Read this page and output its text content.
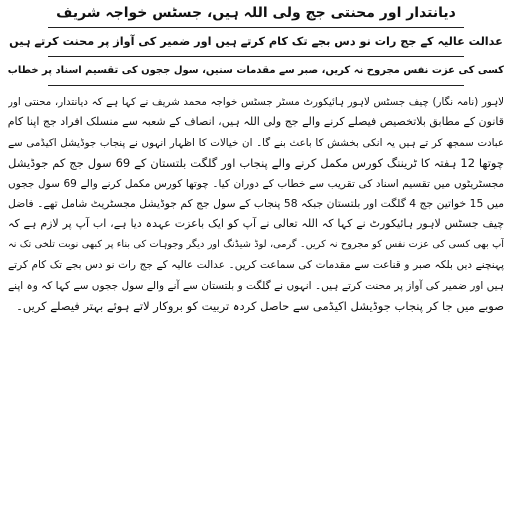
دیانتدار اور محنتی جج ولی اللہ ہیں، جسٹس خواجہ شریف
عدالت عالیہ کے جج رات نو دس بجے تک کام کرتے ہیں اور ضمیر کی آواز پر محنت کرتے ہیں
کسی کی عزت نفس مجروح نہ کریں، صبر سے مقدمات سنیں، سول ججوں کی تقسیم اسناد پر خطاب
لاہور (نامہ نگار) چیف جسٹس لاہور ہائیکورٹ مسٹر جسٹس خواجہ محمد شریف نے کہا ہے کہ دیانتدار، محنتی اور
قانون کے مطابق بلاتخصیص فیصلے کرنے والے جج ولی اللہ ہیں، انصاف کے شعبہ سے منسلک افراد جج اپنا کام
عبادت سمجھ کر تے ہیں یہ انکی بخشش کا باعث بنے گا۔ ان خیالات کا اظہار انہوں نے پنجاب جوڈیشل اکیڈمی سے
چوتھا 12 ہفتہ کا ٹریننگ کورس مکمل کرنے والے پنجاب اور گلگت بلتستان کے 69 سول جج کم جوڈیشل
مجسٹریٹوں میں تقسیم اسناد کی تقریب سے خطاب کے دوران کیا۔ چوتھا کورس مکمل کرنے والے 69 سول ججوں
میں 15 خواتین جج 4 گلگت اور بلتستان جبکہ 58 پنجاب کے سول جج کم جوڈیشل مجسٹریٹ شامل تھے۔ فاضل
چیف جسٹس لاہور ہائیکورٹ نے کہا کہ اللہ تعالی نے آپ کو ایک باعزت عہدہ دیا ہے، اب آپ پر لازم ہے کہ
آپ بھی کسی کی عزت نفس کو مجروح نہ کریں۔ گرمی، لوڈ شیڈنگ اور دیگر وجوہات کی بناء پر کبھی نوبت تلخی تک نہ
پہنچنے دیں بلکہ صبر و قناعت سے مقدمات کی سماعت کریں۔ عدالت عالیہ کے جج رات نو دس بجے تک کام کرتے
ہیں اور ضمیر کی آواز پر محنت کرتے ہیں۔ انہوں نے گلگت و بلتستان سے آنے والے سول ججوں سے کہا کہ وہ اپنے
صوبے میں جا کر پنجاب جوڈیشل اکیڈمی سے حاصل کردہ تربیت کو بروکار لاتے ہوئے بہتر فیصلے کریں۔
